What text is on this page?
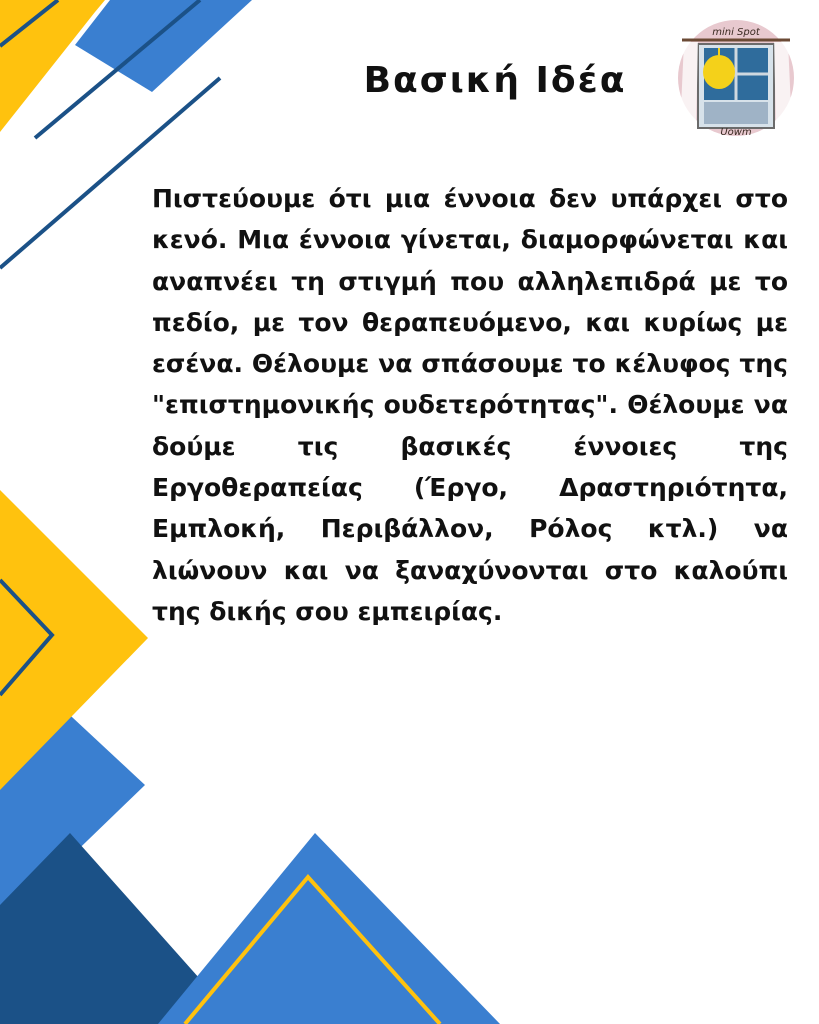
Βασική Ιδέα
mini Spot
Uowm

Πιστεύουμε ότι μια έννοια δεν υπάρχει στο κενό. Μια έννοια γίνεται, διαμορφώνεται και αναπνέει τη στιγμή που αλληλεπιδρά με το πεδίο, με τον θεραπευόμενο, και κυρίως με εσένα. Θέλουμε να σπάσουμε το κέλυφος της "επιστημονικής ουδετερότητας". Θέλουμε να δούμε τις βασικές έννοιες της Εργοθεραπείας (Έργο, Δραστηριότητα, Εμπλοκή, Περιβάλλον, Ρόλος κτλ.) να λιώνουν και να ξαναχύνονται στο καλούπι της δικής σου εμπειρίας.
